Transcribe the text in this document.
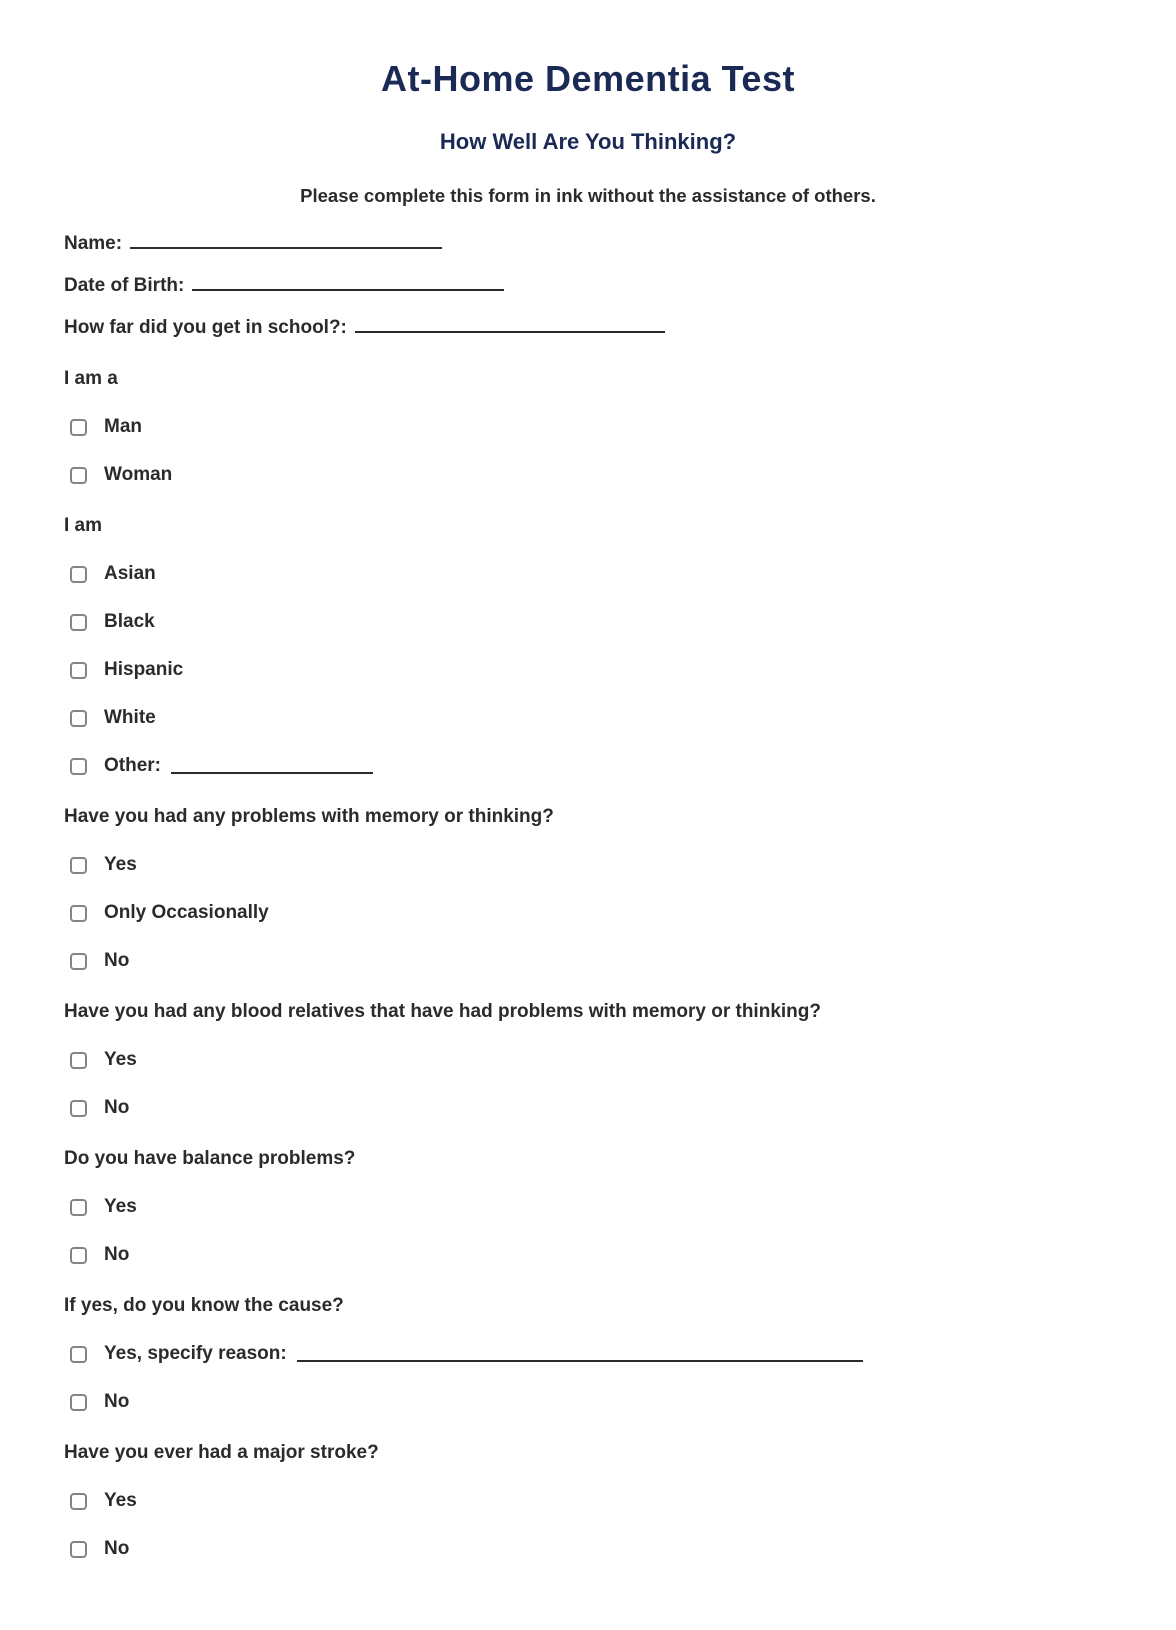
At-Home Dementia Test
How Well Are You Thinking?

Please complete this form in ink without the assistance of others.

Name:
Date of Birth:
How far did you get in school?:
I am a
Man
Woman
I am
Asian
Black
Hispanic
White
Other:
Have you had any problems with memory or thinking?
Yes
Only Occasionally
No
Have you had any blood relatives that have had problems with memory or thinking?
Yes
No
Do you have balance problems?
Yes
No
If yes, do you know the cause?
Yes, specify reason:
No
Have you ever had a major stroke?
Yes
No
